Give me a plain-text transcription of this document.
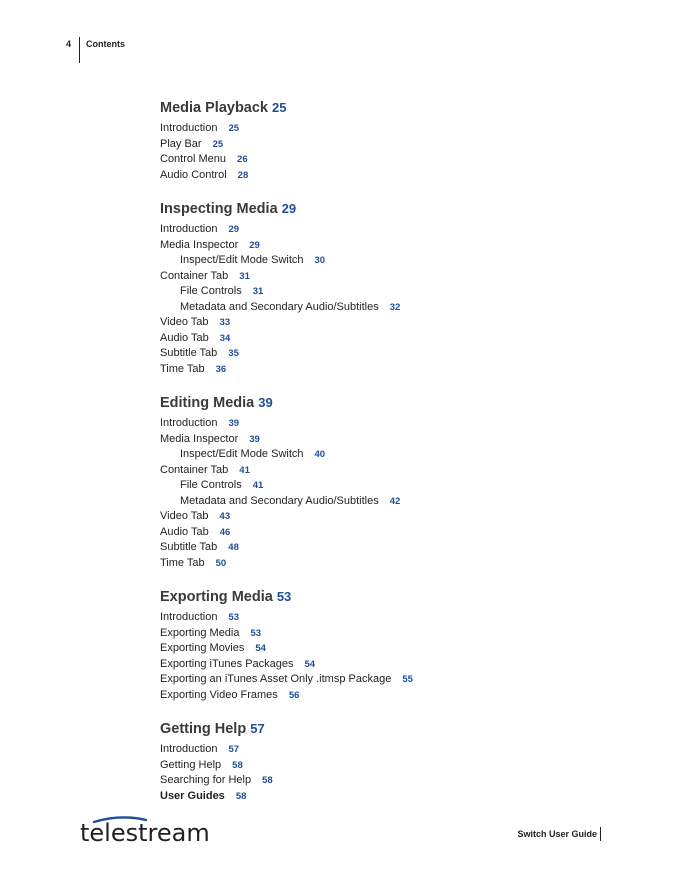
4 Contents
Media Playback 25
Introduction 25
Play Bar 25
Control Menu 26
Audio Control 28
Inspecting Media 29
Introduction 29
Media Inspector 29
Inspect/Edit Mode Switch 30
Container Tab 31
File Controls 31
Metadata and Secondary Audio/Subtitles 32
Video Tab 33
Audio Tab 34
Subtitle Tab 35
Time Tab 36
Editing Media 39
Introduction 39
Media Inspector 39
Inspect/Edit Mode Switch 40
Container Tab 41
File Controls 41
Metadata and Secondary Audio/Subtitles 42
Video Tab 43
Audio Tab 46
Subtitle Tab 48
Time Tab 50
Exporting Media 53
Introduction 53
Exporting Media 53
Exporting Movies 54
Exporting iTunes Packages 54
Exporting an iTunes Asset Only .itmsp Package 55
Exporting Video Frames 56
Getting Help 57
Introduction 57
Getting Help 58
Searching for Help 58
User Guides 58
telestream	Switch User Guide
